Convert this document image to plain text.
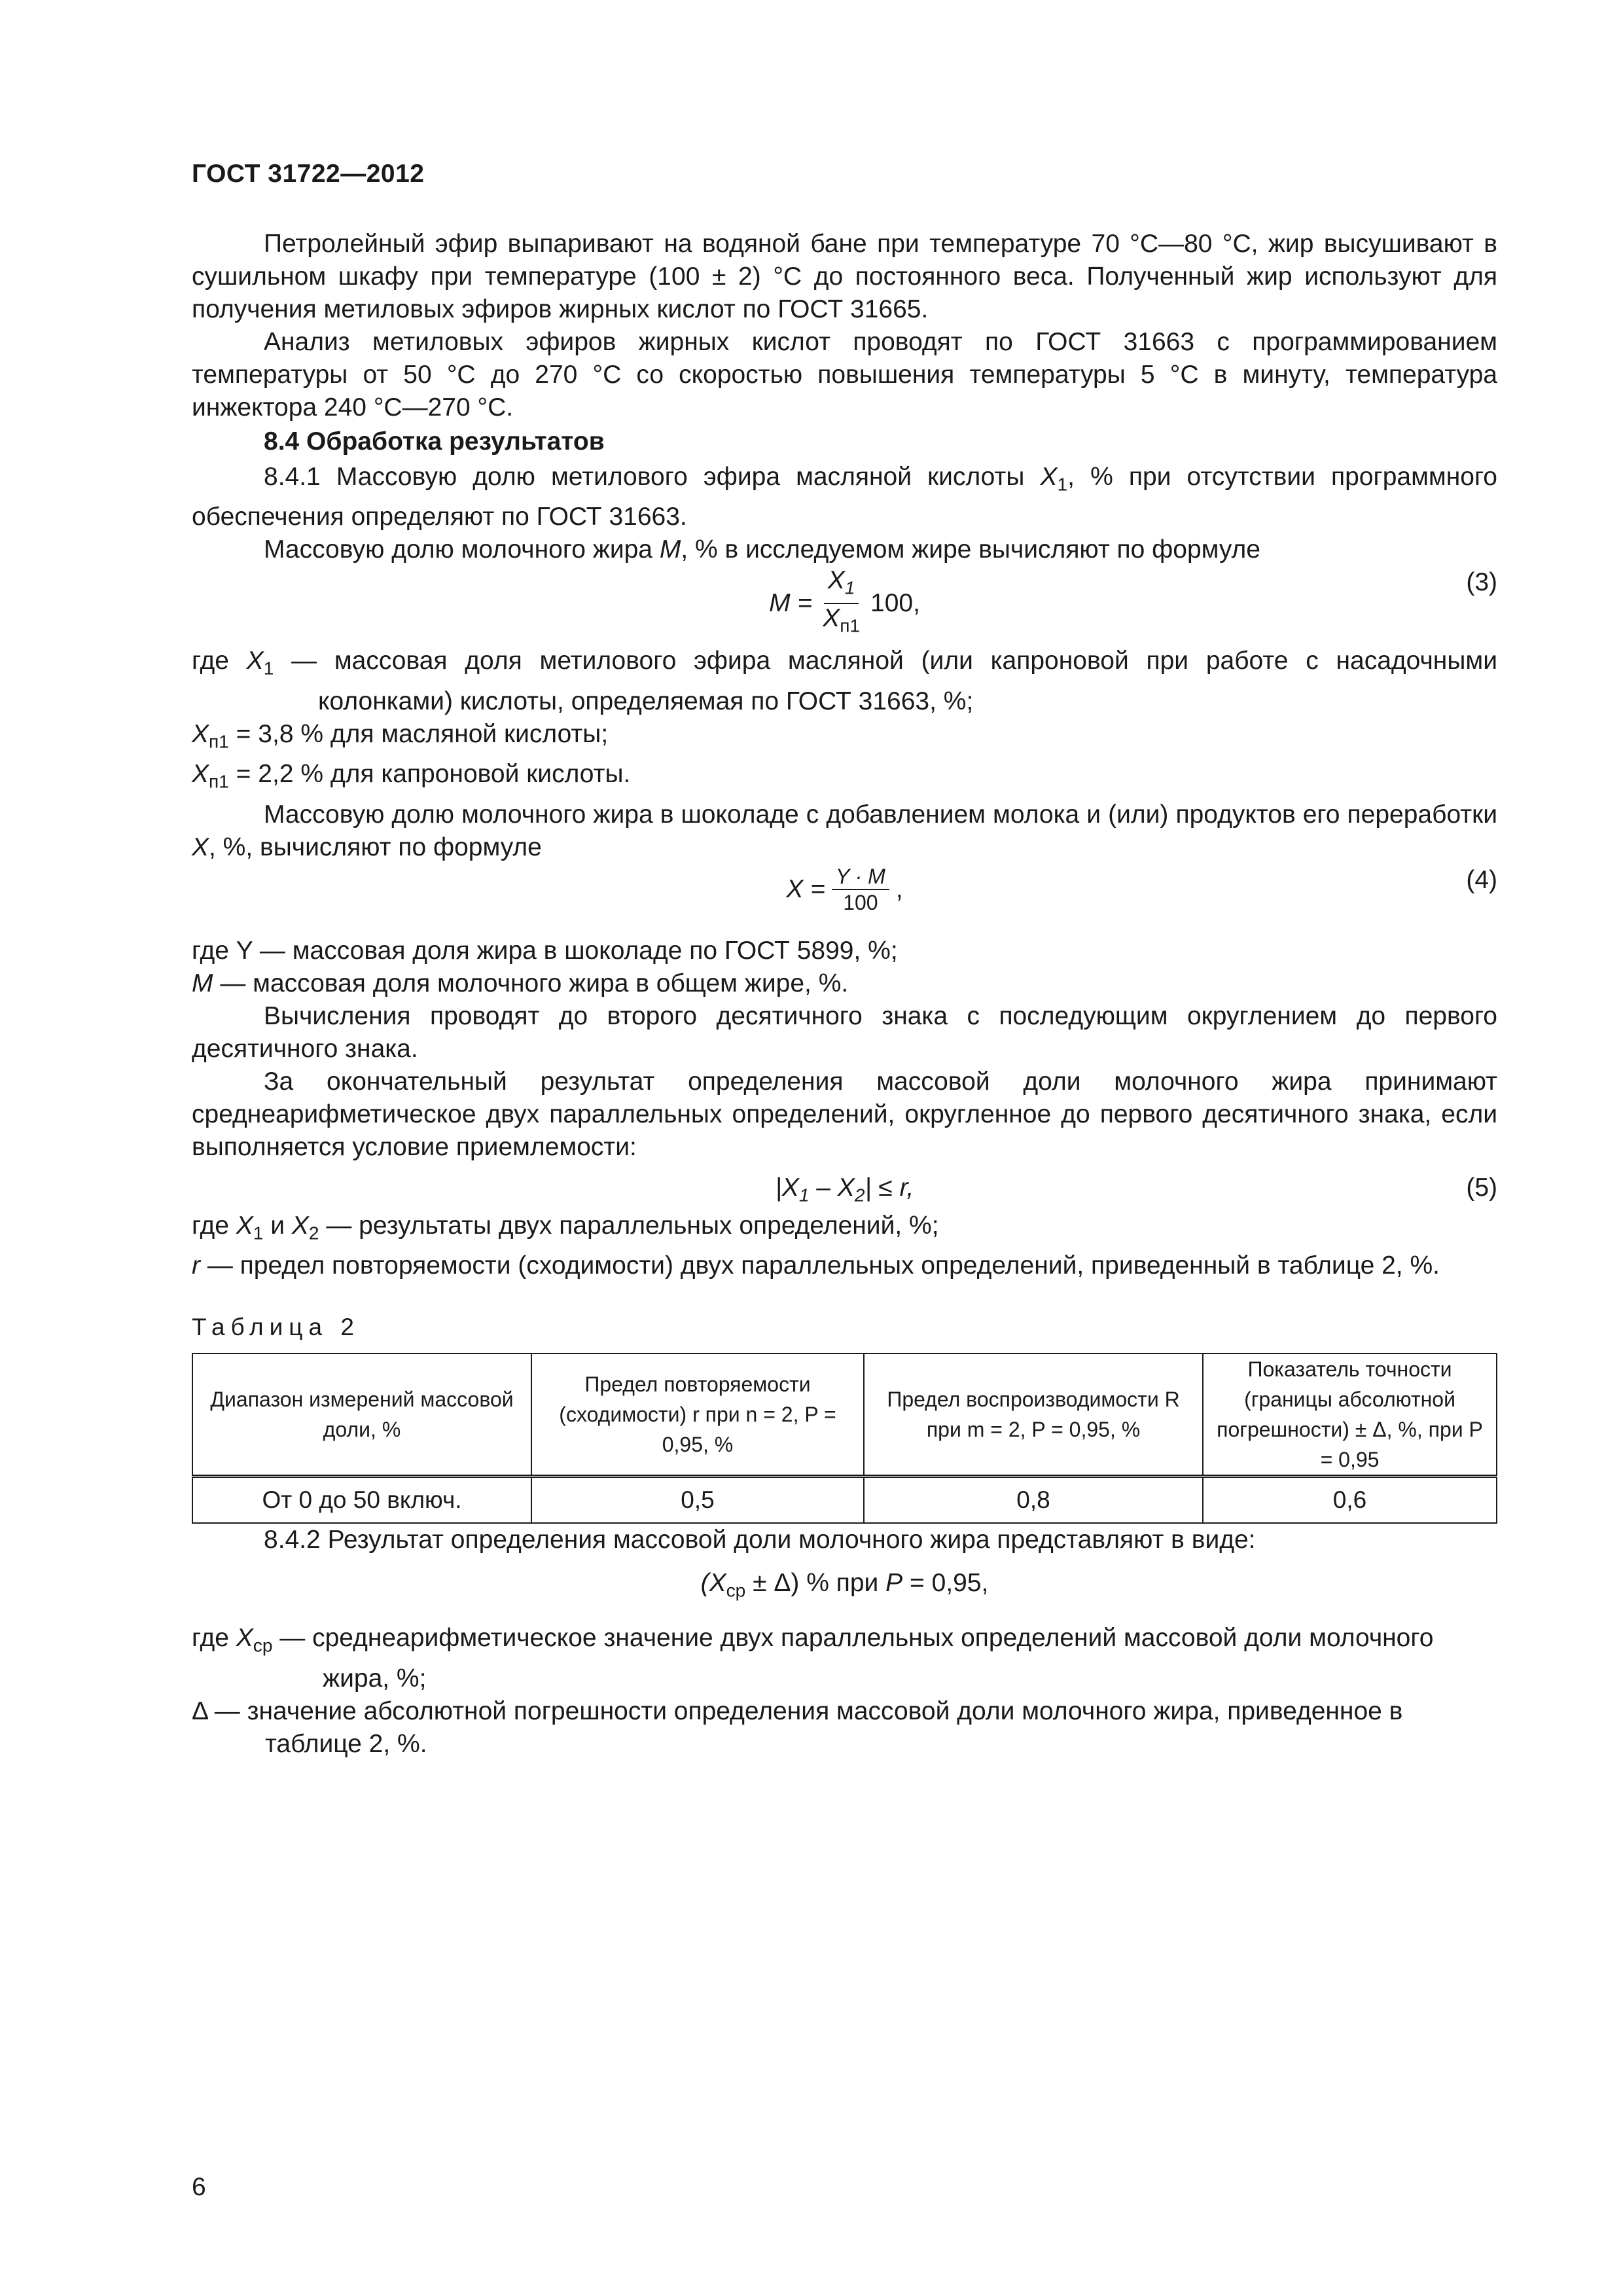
ГОСТ 31722—2012

Петролейный эфир выпаривают на водяной бане при температуре 70 °С—80 °С, жир высушивают в сушильном шкафу при температуре (100 ± 2) °С до постоянного веса. Полученный жир используют для получения метиловых эфиров жирных кислот по ГОСТ 31665.

Анализ метиловых эфиров жирных кислот проводят по ГОСТ 31663 с программированием температуры от 50 °С до 270 °С со скоростью повышения температуры 5 °С в минуту, температура инжектора 240 °С—270 °С.

8.4 Обработка результатов

8.4.1 Массовую долю метилового эфира масляной кислоты $X_1$, % при отсутствии программного обеспечения определяют по ГОСТ 31663.

Массовую долю молочного жира M, % в исследуемом жире вычисляют по формуле

$M = \frac{X_1}{X_{п1}} 100$,
(3)

где $X_1$ — массовая доля метилового эфира масляной (или капроновой при работе с насадочными колонками) кислоты, определяемая по ГОСТ 31663, %;

$X_{п1} = 3,8$ % для масляной кислоты;

$X_{п1} = 2,2$ % для капроновой кислоты.

Массовую долю молочного жира в шоколаде с добавлением молока и (или) продуктов его переработки X, %, вычисляют по формуле

$X = \frac{Y \cdot M}{100}$ ,	(4)

где Y — массовая доля жира в шоколаде по ГОСТ 5899, %;

M — массовая доля молочного жира в общем жире, %.

Вычисления проводят до второго десятичного знака с последующим округлением до первого десятичного знака.

За окончательный результат определения массовой доли молочного жира принимают среднеарифметическое двух параллельных определений, округленное до первого десятичного знака, если выполняется условие приемлемости:

$|X_1 - X_2| \le r$,	(5)

где $X_1$ и $X_2$ — результаты двух параллельных определений, %;

r — предел повторяемости (сходимости) двух параллельных определений, приведенный в таблице 2, %.

Таблица 2
Диапазон измерений массовой доли, %	Предел повторяемости (сходимости) r при n = 2, P = 0,95, %	Предел воспроизводимости R при m = 2, P = 0,95, %	Показатель точности (границы абсолютной погрешности) ± Δ, %, при P = 0,95
От 0 до 50 включ.	0,5	0,8	0,6

8.4.2 Результат определения массовой доли молочного жира представляют в виде:

$(X_{ср} \pm \Delta)$ % при P = 0,95,

где $X_{ср}$ — среднеарифметическое значение двух параллельных определений массовой доли молочного жира, %;

Δ — значение абсолютной погрешности определения массовой доли молочного жира, приведенное в таблице 2, %.

6
